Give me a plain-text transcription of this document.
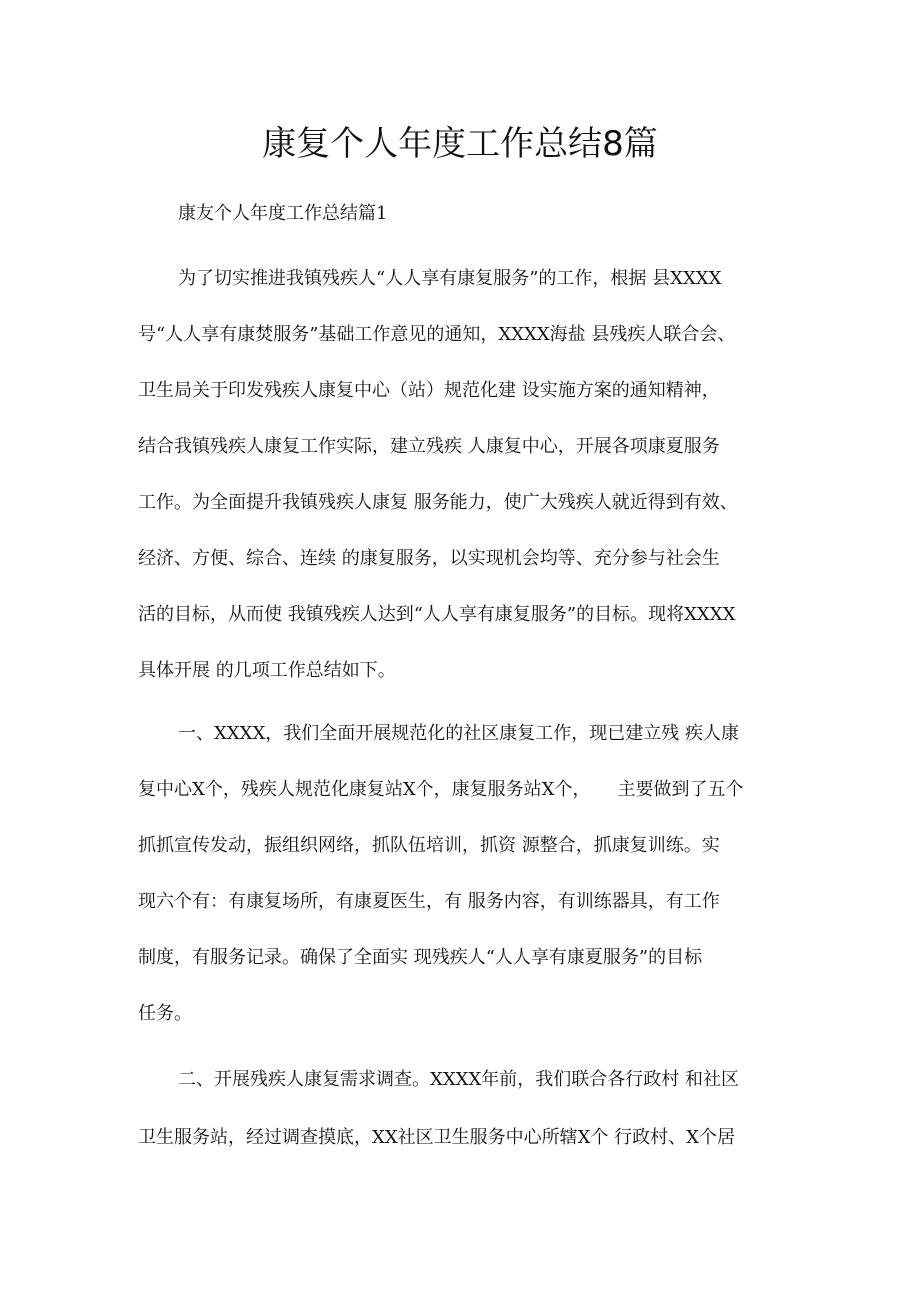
康复个人年度工作总结8篇

康友个人年度工作总结篇1

为了切实推进我镇残疾人“人人享有康复服务”的工作，根据 县XXXX

号“人人享有康焚服务”基础工作意见的通知，XXXX海盐 县残疾人联合会、

卫生局关于印发残疾人康复中心（站）规范化建 设实施方案的通知精神，

结合我镇残疾人康复工作实际，建立残疾 人康复中心，开展各项康夏服务

工作。为全面提升我镇残疾人康复 服务能力，使广大残疾人就近得到有效、

经济、方便、综合、连续 的康复服务，以实现机会均等、充分参与社会生

活的目标，从而使 我镇残疾人达到“人人享有康复服务”的目标。现将XXXX

具体开展 的几项工作总结如下。

一、XXXX，我们全面开展规范化的社区康复工作，现已建立残 疾人康

复中心X个，残疾人规范化康复站X个，康复服务站X个，　　主要做到了五个

抓抓宣传发动，振组织网络，抓队伍培训，抓资 源整合，抓康复训练。实

现六个有：有康复场所，有康夏医生，有 服务内容，有训练器具，有工作

制度，有服务记录。确保了全面实 现残疾人“人人享有康夏服务”的目标

任务。

二、开展残疾人康复需求调查。XXXX年前，我们联合各行政村 和社区

卫生服务站，经过调查摸底，XX社区卫生服务中心所辖X个 行政村、X个居
